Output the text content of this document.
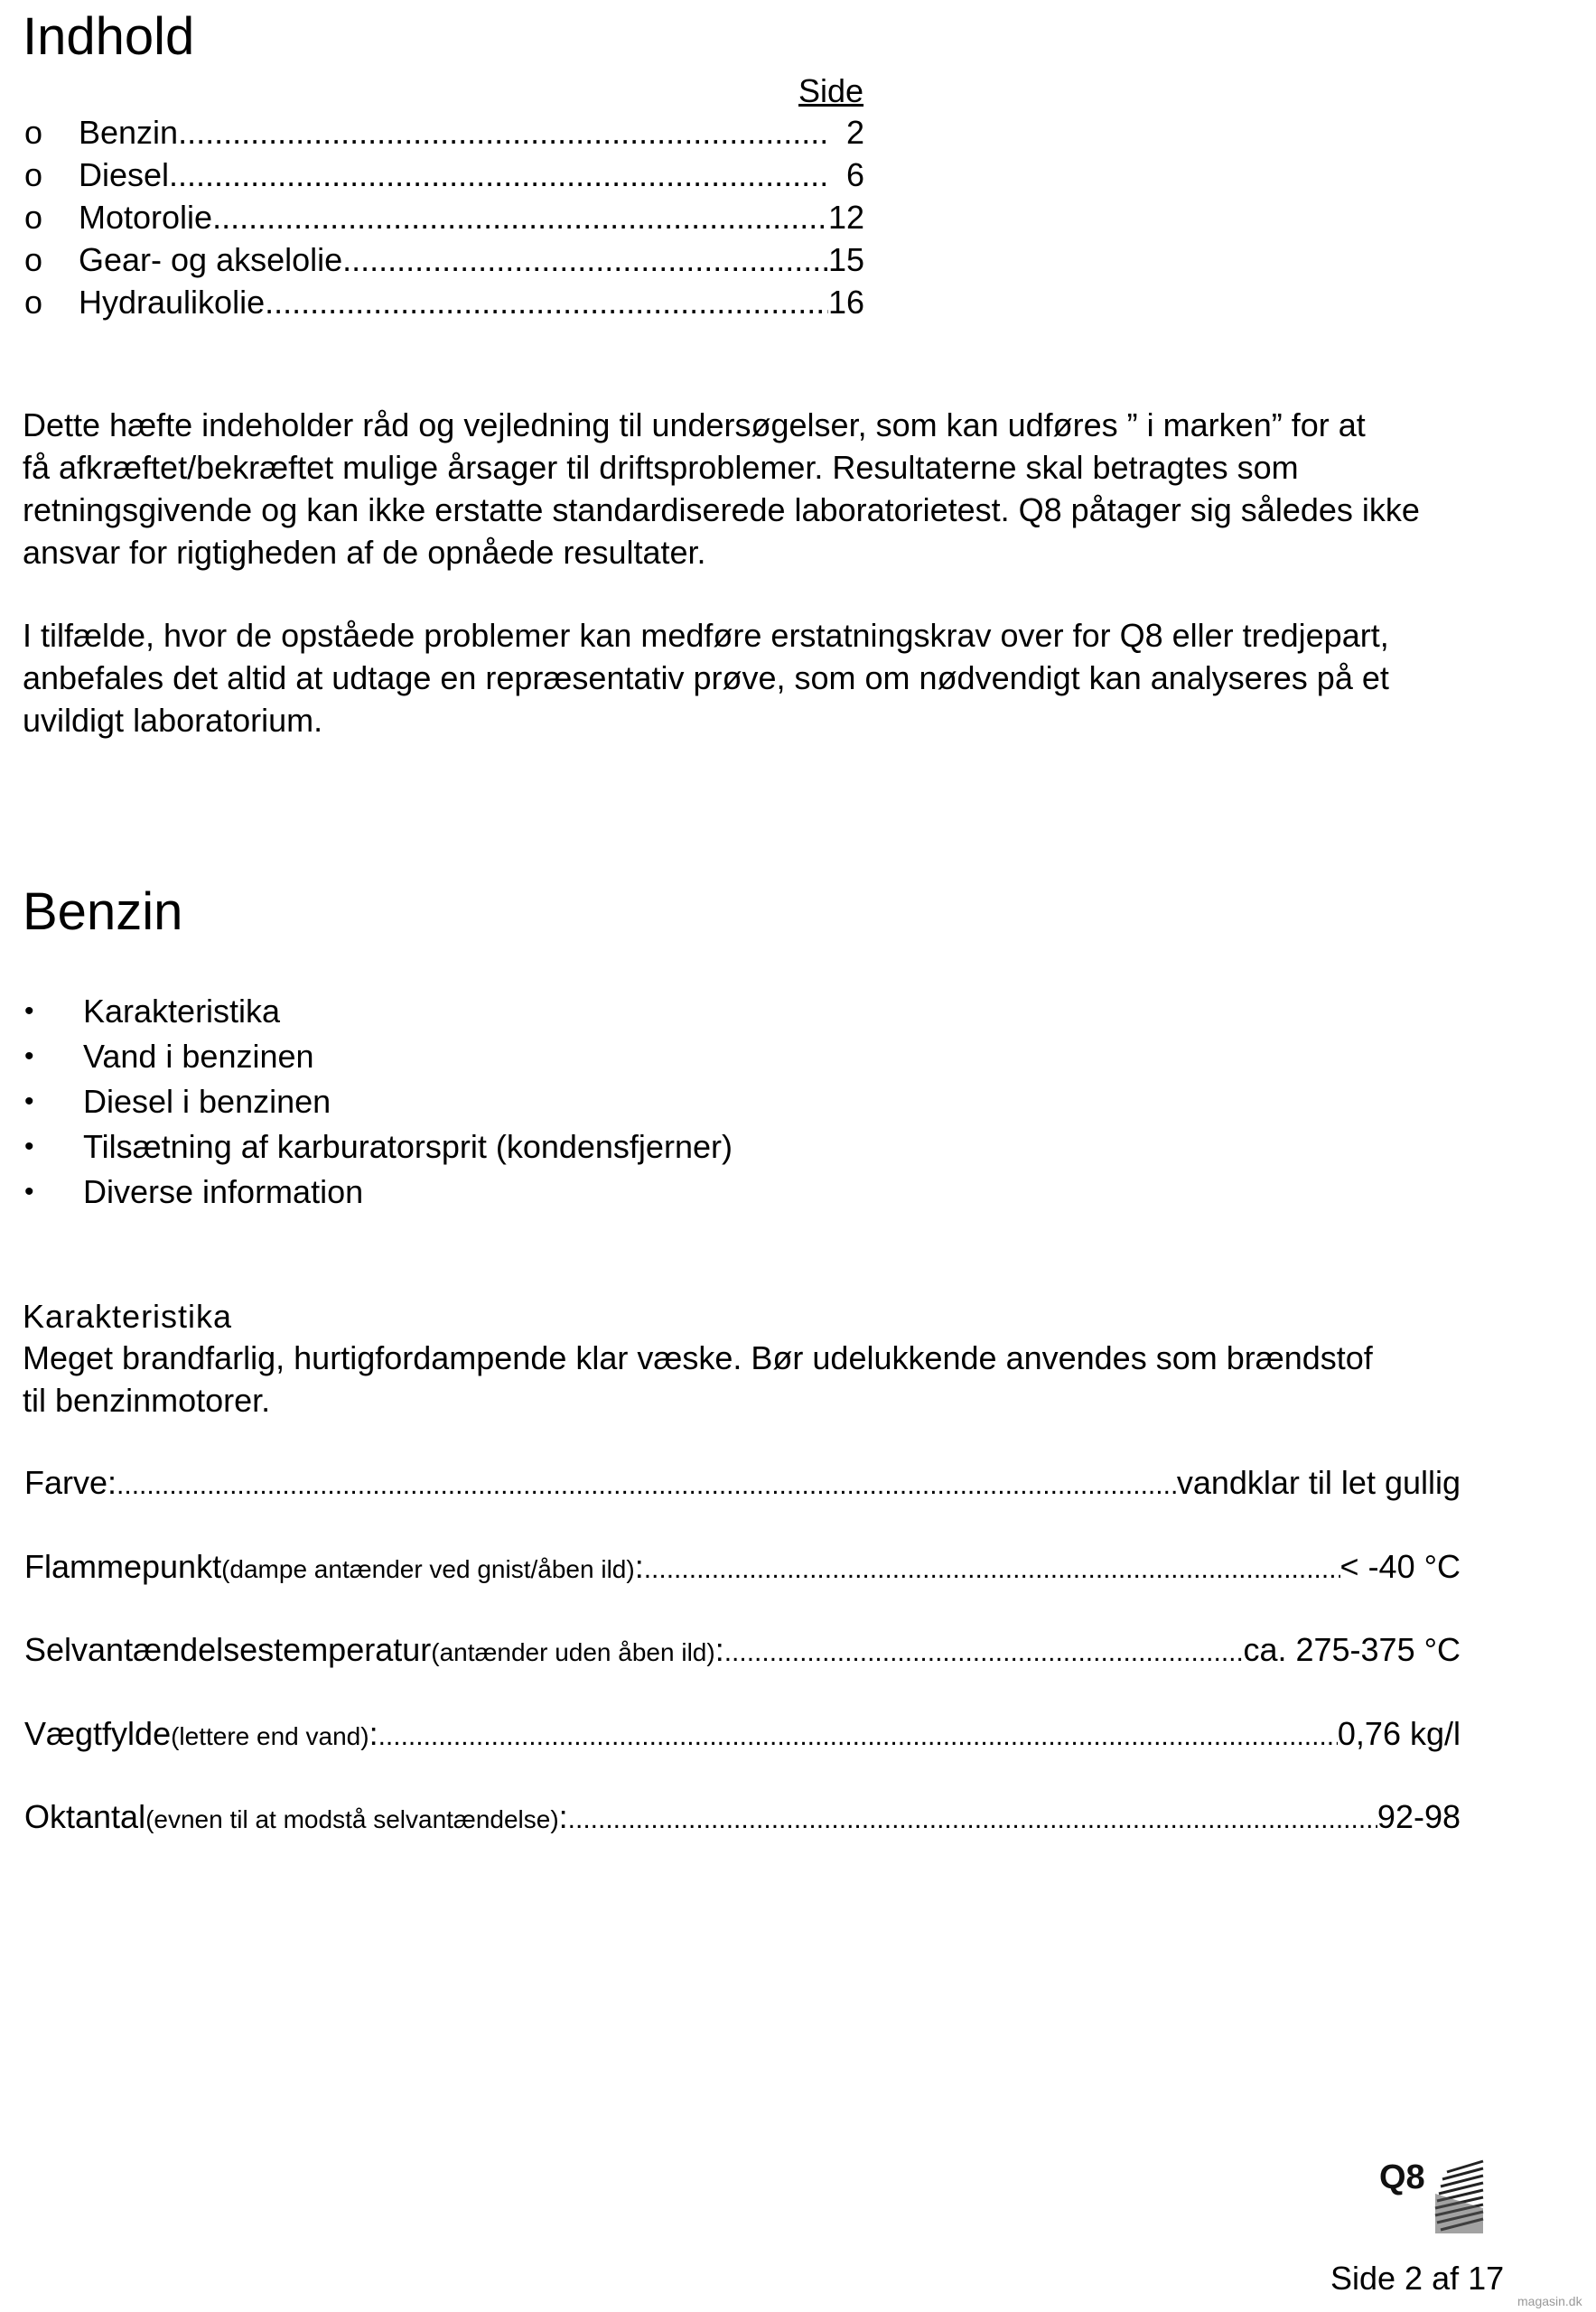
Indhold
Side
o	Benzin .....	2
o	Diesel .....	6
o	Motorolie .....	12
o	Gear- og akselolie .....	15
o	Hydraulikolie .....	16
Dette hæfte indeholder råd og vejledning til undersøgelser, som kan udføres ” i marken” for at
få afkræftet/bekræftet mulige årsager til driftsproblemer. Resultaterne skal betragtes som
retningsgivende og kan ikke erstatte standardiserede laboratorietest. Q8 påtager sig således ikke
ansvar for rigtigheden af de opnåede resultater.
I tilfælde, hvor de opståede problemer kan medføre erstatningskrav over for Q8 eller tredjepart,
anbefales det altid at udtage en repræsentativ prøve, som om nødvendigt kan analyseres på et
uvildigt laboratorium.
Benzin
•	Karakteristika
•	Vand i benzinen
•	Diesel i benzinen
•	Tilsætning af karburatorsprit (kondensfjerner)
•	Diverse information
Karakteristika
Meget brandfarlig, hurtigfordampende klar væske. Bør udelukkende anvendes som brændstof
til benzinmotorer.
Farve : .....	vandklar til let gullig
Flammepunkt (dampe antænder ved gnist/åben ild) : .....	< -40 °C
Selvantændelsestemperatur (antænder uden åben ild) : .....	ca. 275-375 °C
Vægtfylde (lettere end vand) : .....	0,76 kg/l
Oktantal (evnen til at modstå selvantændelse) : .....	92-98
Q8
Side 2 af 17
magasin.dk
